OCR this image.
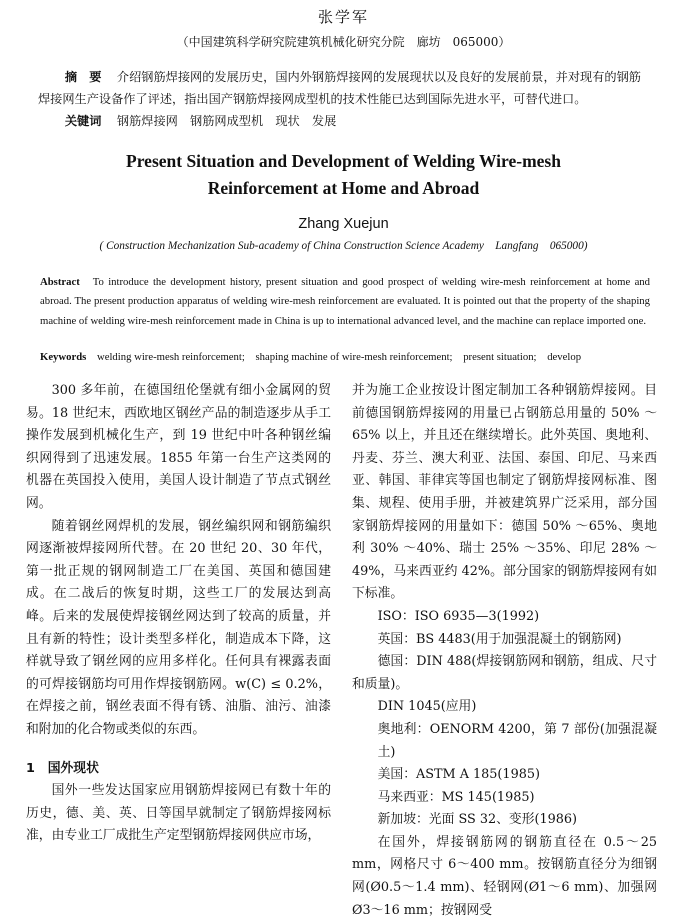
张学军
（中国建筑科学研究院建筑机械化研究分院　廊坊　065000）
摘　要 介绍钢筋焊接网的发展历史，国内外钢筋焊接网的发展现状以及良好的发展前景，并对现有的钢筋焊接网生产设备作了评述，指出国产钢筋焊接网成型机的技术性能已达到国际先进水平，可替代进口。
关键词 钢筋焊接网　钢筋网成型机　现状　发展
Present Situation and Development of Welding Wire-mesh
Reinforcement at Home and Abroad
Zhang Xuejun
( Construction Mechanization Sub-academy of China Construction Science Academy　Langfang　065000)
Abstract To introduce the development history, present situation and good prospect of welding wire-mesh reinforcement at home and abroad. The present production apparatus of welding wire-mesh reinforcement are evaluated. It is pointed out that the property of the shaping machine of welding wire-mesh reinforcement made in China is up to international advanced level, and the machine can replace imported one.
Keywords welding wire-mesh reinforcement;　shaping machine of wire-mesh reinforcement;　present situation;　develop

300 多年前，在德国纽伦堡就有细小金属网的贸易。18 世纪末，西欧地区钢丝产品的制造逐步从手工操作发展到机械化生产，到 19 世纪中叶各种钢丝编织网得到了迅速发展。1855 年第一台生产这类网的机器在英国投入使用，美国人设计制造了节点式钢丝网。

随着钢丝网焊机的发展，钢丝编织网和钢筋编织网逐渐被焊接网所代替。在 20 世纪 20、30 年代，第一批正规的钢网制造工厂在美国、英国和德国建成。在二战后的恢复时期，这些工厂的发展达到高峰。后来的发展使焊接钢丝网达到了较高的质量，并且有新的特性；设计类型多样化，制造成本下降，这样就导致了钢丝网的应用多样化。任何具有裸露表面的可焊接钢筋均可用作焊接钢筋网。w(C) ≤ 0.2%，在焊接之前，钢丝表面不得有锈、油脂、油污、油漆和附加的化合物或类似的东西。

1　国外现状

国外一些发达国家应用钢筋焊接网已有数十年的历史，德、美、英、日等国早就制定了钢筋焊接网标准，由专业工厂成批生产定型钢筋焊接网供应市场，

并为施工企业按设计图定制加工各种钢筋焊接网。目前德国钢筋焊接网的用量已占钢筋总用量的 50% ～65% 以上，并且还在继续增长。此外英国、奥地利、丹麦、芬兰、澳大利亚、法国、泰国、印尼、马来西亚、韩国、菲律宾等国也制定了钢筋焊接网标准、图集、规程、使用手册，并被建筑界广泛采用，部分国家钢筋焊接网的用量如下：德国 50% ～65%、奥地利 30% ～40%、瑞士 25% ～35%、印尼 28% ～49%，马来西亚约 42%。部分国家的钢筋焊接网有如下标准。

ISO：ISO 6935—3(1992)

英国：BS 4483(用于加强混凝土的钢筋网)

德国：DIN 488(焊接钢筋网和钢筋，组成、尺寸和质量)。

DIN 1045(应用)

奥地利：OENORM 4200，第 7 部份(加强混凝土)

美国：ASTM A 185(1985)

马来西亚：MS 145(1985)

新加坡：光面 SS 32、变形(1986)

在国外，焊接钢筋网的钢筋直径在 0.5～25 mm，网格尺寸 6～400 mm。按钢筋直径分为细钢网(Ø0.5～1.4 mm)、轻钢网(Ø1～6 mm)、加强网 Ø3～16 mm；按钢网受
